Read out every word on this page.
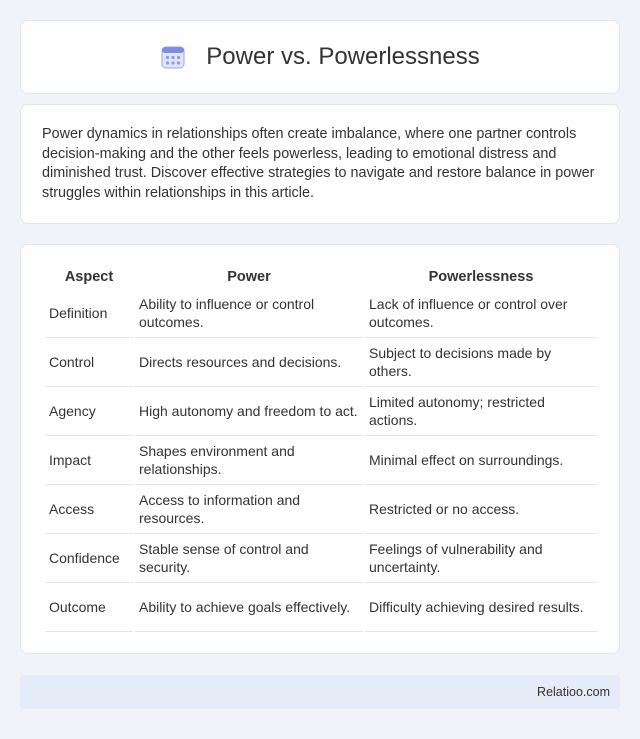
Power vs. Powerlessness

Power dynamics in relationships often create imbalance, where one partner controls decision-making and the other feels powerless, leading to emotional distress and diminished trust. Discover effective strategies to navigate and restore balance in power struggles within relationships in this article.

Aspect	Power	Powerlessness
Definition	Ability to influence or control outcomes.	Lack of influence or control over outcomes.
Control	Directs resources and decisions.	Subject to decisions made by others.
Agency	High autonomy and freedom to act.	Limited autonomy; restricted actions.
Impact	Shapes environment and relationships.	Minimal effect on surroundings.
Access	Access to information and resources.	Restricted or no access.
Confidence	Stable sense of control and security.	Feelings of vulnerability and uncertainty.
Outcome	Ability to achieve goals effectively.	Difficulty achieving desired results.
Relatioo.com
